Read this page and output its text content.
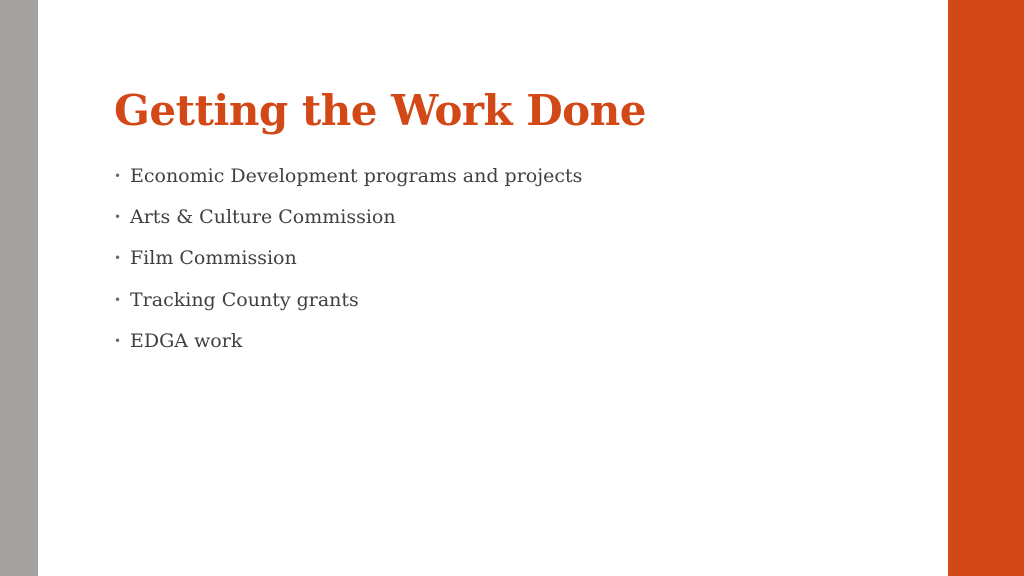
Getting the Work Done
• Economic Development programs and projects
• Arts & Culture Commission
• Film Commission
• Tracking County grants
• EDGA work
